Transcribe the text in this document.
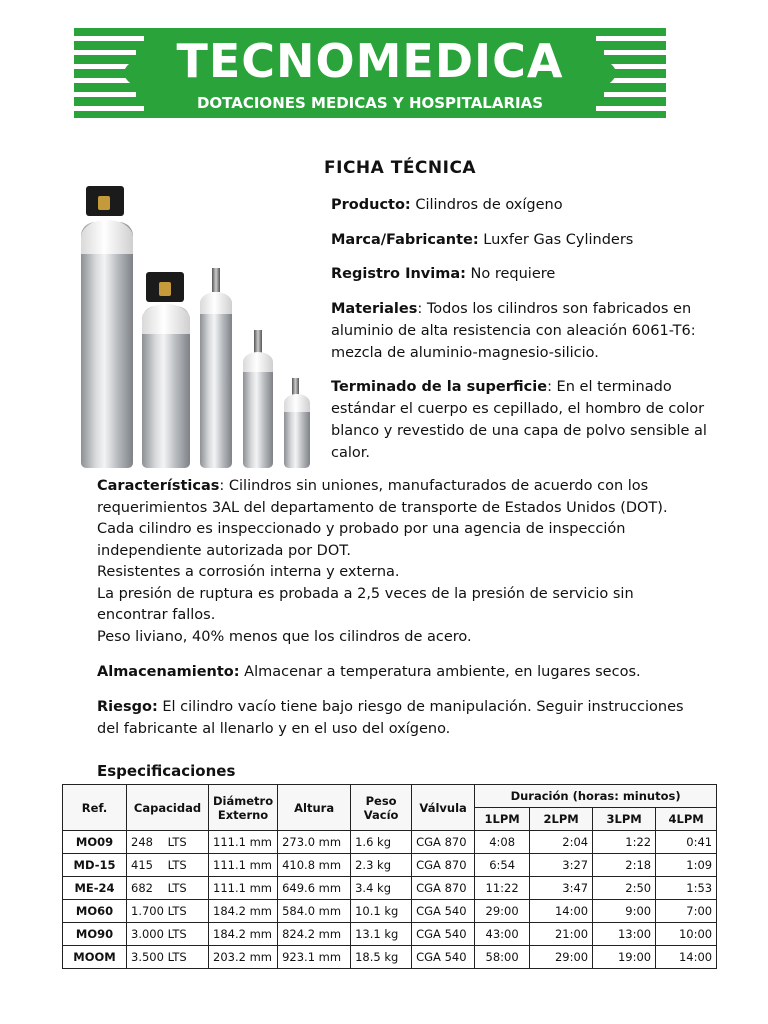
TECNOMEDICA
DOTACIONES MEDICAS Y HOSPITALARIAS
FICHA TÉCNICA
Producto: Cilindros de oxígeno
Marca/Fabricante: Luxfer Gas Cylinders
Registro Invima: No requiere
Materiales: Todos los cilindros son fabricados en aluminio de alta resistencia con aleación 6061-T6: mezcla de aluminio-magnesio-silicio.
Terminado de la superficie: En el terminado estándar el cuerpo es cepillado, el hombro de color blanco y revestido de una capa de polvo sensible al calor.
Características: Cilindros sin uniones, manufacturados de acuerdo con los requerimientos 3AL del departamento de transporte de Estados Unidos (DOT).
Cada cilindro es inspeccionado y probado por una agencia de inspección independiente autorizada por DOT.
Resistentes a corrosión interna y externa.
La presión de ruptura es probada a 2,5 veces de la presión de servicio sin encontrar fallos.
Peso liviano, 40% menos que los cilindros de acero.
Almacenamiento: Almacenar a temperatura ambiente, en lugares secos.
Riesgo: El cilindro vacío tiene bajo riesgo de manipulación. Seguir instrucciones del fabricante al llenarlo y en el uso del oxígeno.
Especificaciones
Ref.	Capacidad	Diámetro Externo	Altura	Peso Vacío	Válvula	Duración (horas: minutos)			
						1LPM	2LPM	3LPM	4LPM
MO09	248    LTS	111.1 mm	273.0 mm	1.6 kg	CGA 870	4:08	2:04	1:22	0:41
MD-15	415    LTS	111.1 mm	410.8 mm	2.3 kg	CGA 870	6:54	3:27	2:18	1:09
ME-24	682    LTS	111.1 mm	649.6 mm	3.4 kg	CGA 870	11:22	3:47	2:50	1:53
MO60	1.700 LTS	184.2 mm	584.0 mm	10.1 kg	CGA 540	29:00	14:00	9:00	7:00
MO90	3.000 LTS	184.2 mm	824.2 mm	13.1 kg	CGA 540	43:00	21:00	13:00	10:00
MOOM	3.500 LTS	203.2 mm	923.1 mm	18.5 kg	CGA 540	58:00	29:00	19:00	14:00
